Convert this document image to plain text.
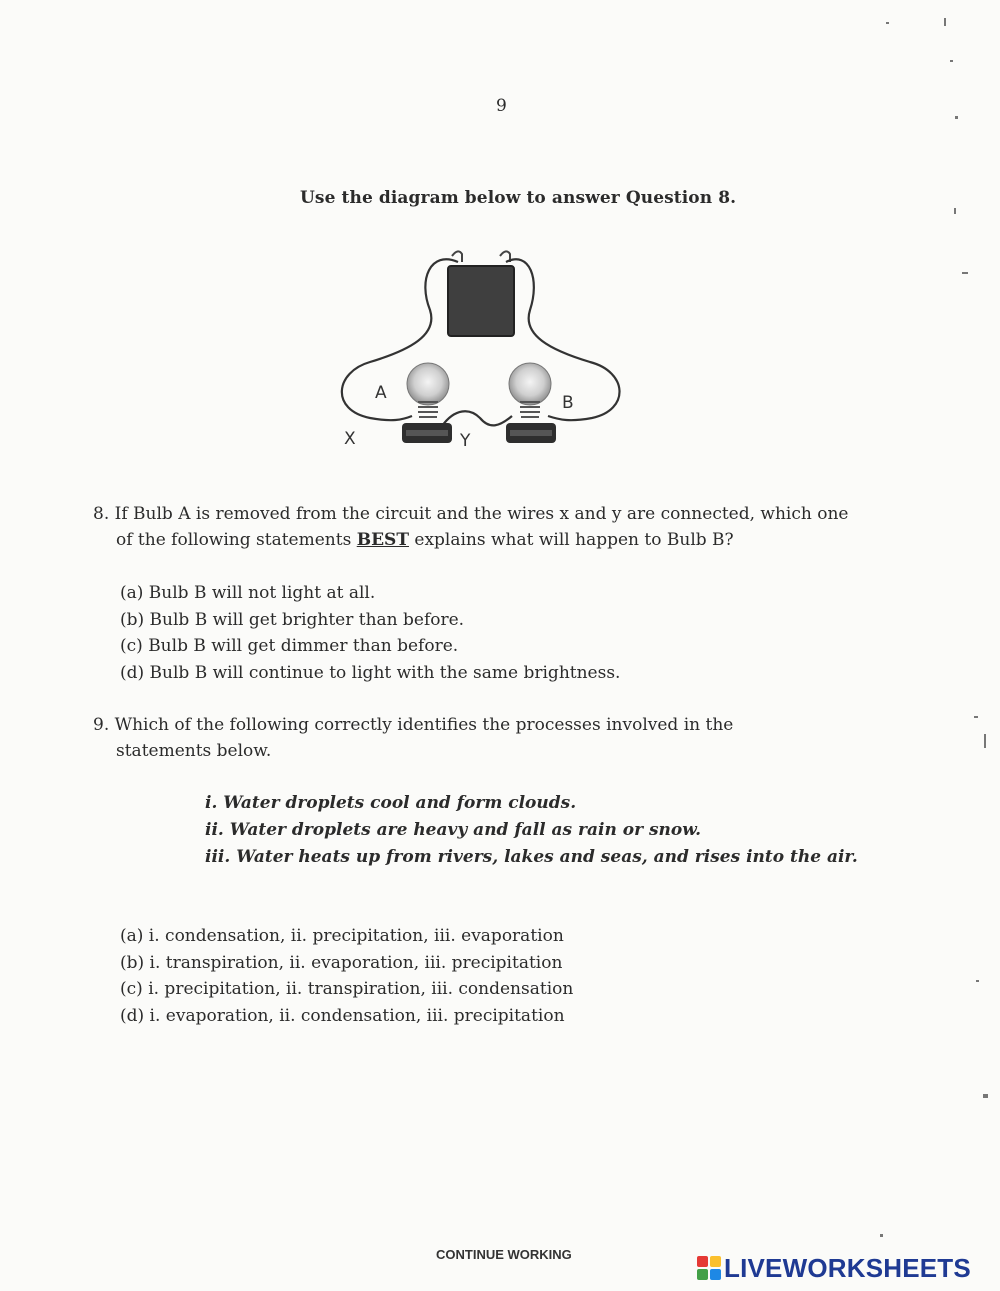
9
Use the diagram below to answer Question 8.
A	B
X	Y
8. If Bulb A is removed from the circuit and the wires x and y are connected, which one
of the following statements BEST explains what will happen to Bulb B?
(a) Bulb B will not light at all.
(b) Bulb B will get brighter than before.
(c) Bulb B will get dimmer than before.
(d) Bulb B will continue to light with the same brightness.
9. Which of the following correctly identifies the processes involved in the
statements below.
i. Water droplets cool and form clouds.
ii. Water droplets are heavy and fall as rain or snow.
iii. Water heats up from rivers, lakes and seas, and rises into the air.
(a) i. condensation, ii. precipitation, iii. evaporation
(b) i. transpiration, ii. evaporation, iii. precipitation
(c) i. precipitation, ii. transpiration, iii. condensation
(d) i. evaporation, ii. condensation, iii. precipitation
CONTINUE WORKING	LIVEWORKSHEETS
